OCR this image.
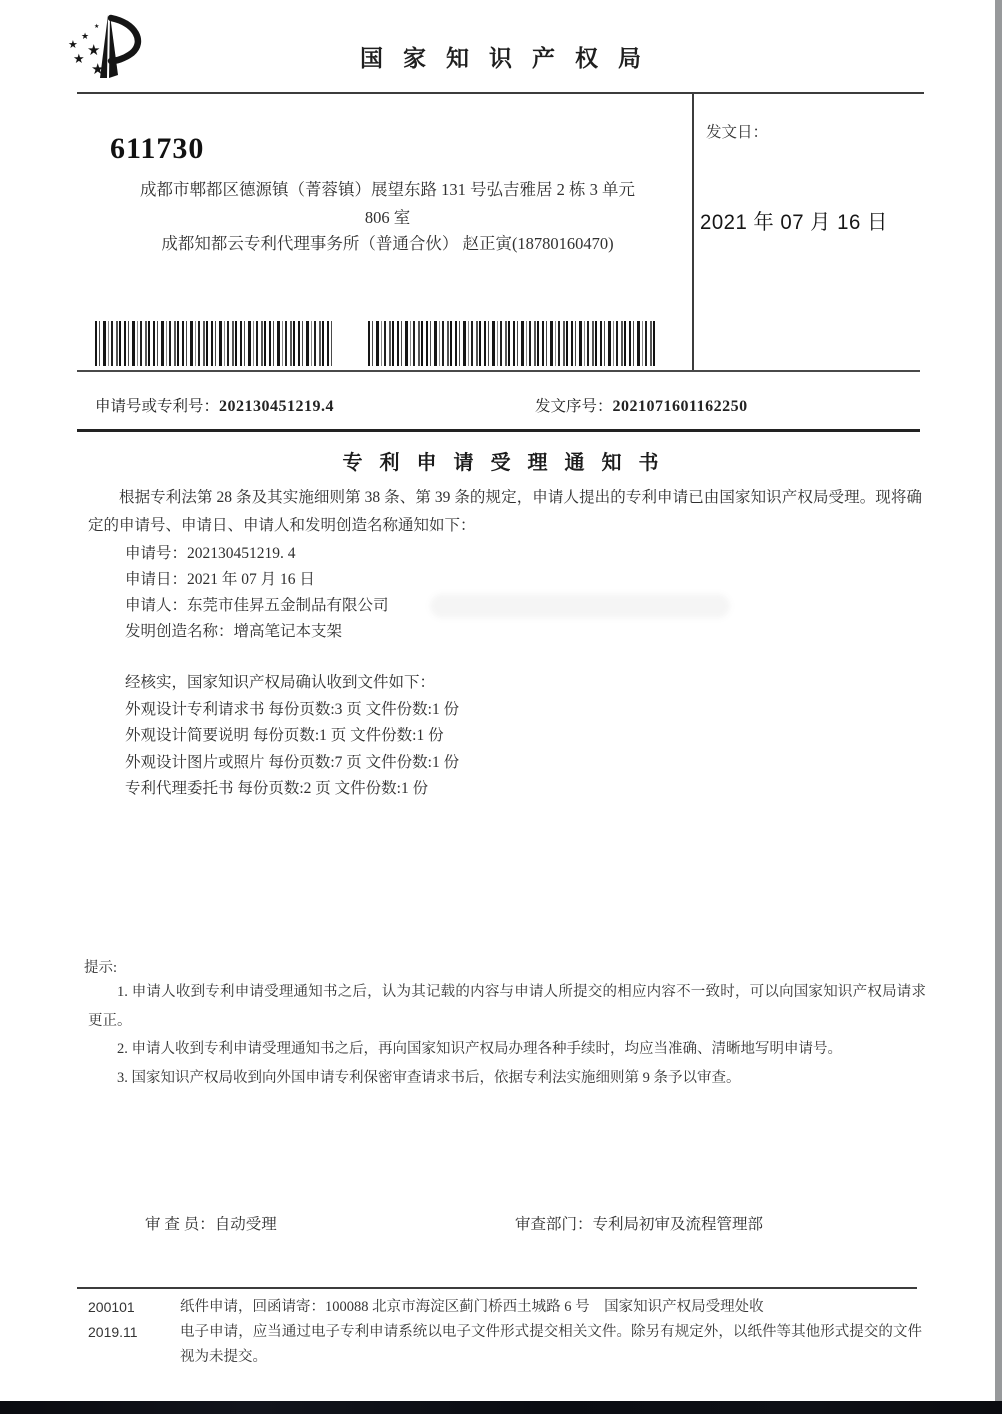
★
★
★ ★
★
★
国家知识产权局
611730
成都市郫都区德源镇（菁蓉镇）展望东路 131 号弘吉雅居 2 栋 3 单元
806 室
成都知都云专利代理事务所（普通合伙） 赵正寅(18780160470)
发文日：
2021 年 07 月 16 日
申请号或专利号：202130451219.4	发文序号：2021071601162250
专利申请受理通知书
根据专利法第 28 条及其实施细则第 38 条、第 39 条的规定，申请人提出的专利申请已由国家知识产权局受理。现将确定的申请号、申请日、申请人和发明创造名称通知如下：

申请号：202130451219. 4

申请日：2021 年 07 月 16 日

申请人：东莞市佳昇五金制品有限公司

发明创造名称：增高笔记本支架

经核实，国家知识产权局确认收到文件如下：

外观设计专利请求书 每份页数:3 页 文件份数:1 份

外观设计简要说明 每份页数:1 页 文件份数:1 份

外观设计图片或照片 每份页数:7 页 文件份数:1 份

专利代理委托书 每份页数:2 页 文件份数:1 份

提示:

1. 申请人收到专利申请受理通知书之后，认为其记载的内容与申请人所提交的相应内容不一致时，可以向国家知识产权局请求更正。

2. 申请人收到专利申请受理通知书之后，再向国家知识产权局办理各种手续时，均应当准确、清晰地写明申请号。

3. 国家知识产权局收到向外国申请专利保密审查请求书后，依据专利法实施细则第 9 条予以审查。

审 查 员：自动受理	审查部门：专利局初审及流程管理部

200101

2019.11

纸件申请，回函请寄：100088 北京市海淀区蓟门桥西土城路 6 号　国家知识产权局受理处收

电子申请，应当通过电子专利申请系统以电子文件形式提交相关文件。除另有规定外，以纸件等其他形式提交的文件视为未提交。
